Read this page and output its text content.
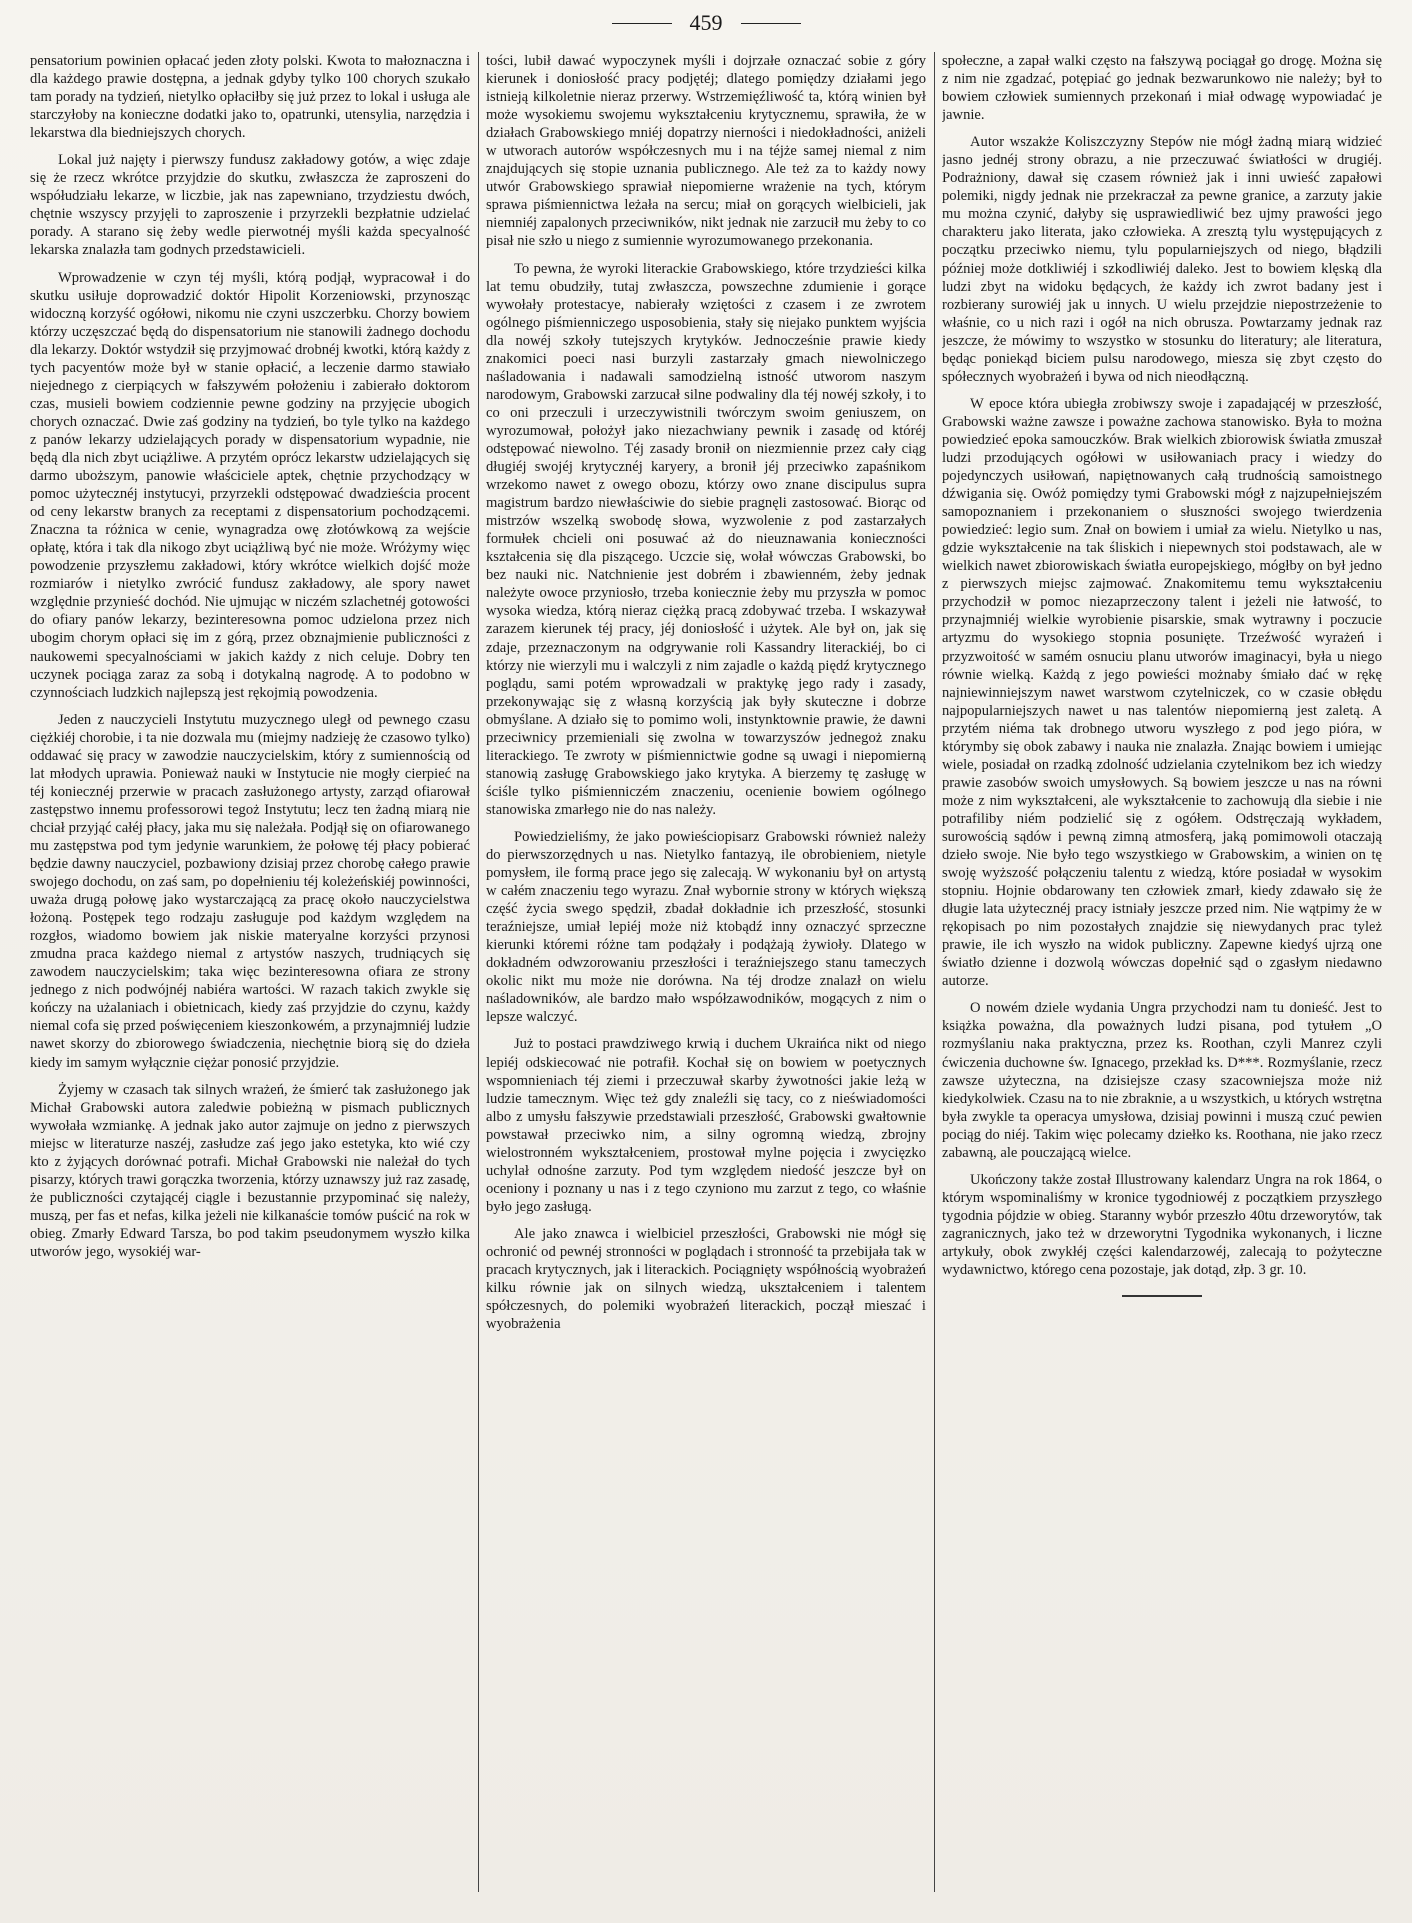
459

pensatorium powinien opłacać jeden złoty polski. Kwota to małoznaczna i dla każdego prawie dostępna, a jednak gdyby tylko 100 chorych szukało tam porady na tydzień, nietylko opłaciłby się już przez to lokal i usługa ale starczyłoby na konieczne dodatki jako to, opatrunki, utensylia, narzędzia i lekarstwa dla biedniejszych chorych.

Lokal już najęty i pierwszy fundusz zakładowy gotów, a więc zdaje się że rzecz wkrótce przyjdzie do skutku, zwłaszcza że zaproszeni do współudziału lekarze, w liczbie, jak nas zapewniano, trzydziestu dwóch, chętnie wszyscy przyjęli to zaproszenie i przyrzekli bezpłatnie udzielać porady. A starano się żeby wedle pierwotnéj myśli każda specyalność lekarska znalazła tam godnych przedstawicieli.

Wprowadzenie w czyn téj myśli, którą podjął, wypracował i do skutku usiłuje doprowadzić doktór Hipolit Korzeniowski, przynosząc widoczną korzyść ogółowi, nikomu nie czyni uszczerbku. Chorzy bowiem którzy uczęszczać będą do dispensatorium nie stanowili żadnego dochodu dla lekarzy. Doktór wstydził się przyjmować drobnéj kwotki, którą każdy z tych pacyentów może był w stanie opłacić, a leczenie darmo stawiało niejednego z cierpiących w fałszywém położeniu i zabierało doktorom czas, musieli bowiem codziennie pewne godziny na przyjęcie ubogich chorych oznaczać. Dwie zaś godziny na tydzień, bo tyle tylko na każdego z panów lekarzy udzielających porady w dispensatorium wypadnie, nie będą dla nich zbyt uciążliwe. A przytém oprócz lekarstw udzielających się darmo uboższym, panowie właściciele aptek, chętnie przychodzący w pomoc użytecznéj instytucyi, przyrzekli odstępować dwadzieścia procent od ceny lekarstw branych za receptami z dispensatorium pochodzącemi. Znaczna ta różnica w cenie, wynagradza owę złotówkową za wejście opłatę, która i tak dla nikogo zbyt uciążliwą być nie może. Wróżymy więc powodzenie przyszłemu zakładowi, który wkrótce wielkich dojść może rozmiarów i nietylko zwrócić fundusz zakładowy, ale spory nawet względnie przynieść dochód. Nie ujmując w niczém szlachetnéj gotowości do ofiary panów lekarzy, bezinteresowna pomoc udzielona przez nich ubogim chorym opłaci się im z górą, przez obznajmienie publiczności z naukowemi specyalnościami w jakich każdy z nich celuje. Dobry ten uczynek pociąga zaraz za sobą i dotykalną nagrodę. A to podobno w czynnościach ludzkich najlepszą jest rękojmią powodzenia.

Jeden z nauczycieli Instytutu muzycznego uległ od pewnego czasu ciężkiéj chorobie, i ta nie dozwala mu (miejmy nadzieję że czasowo tylko) oddawać się pracy w zawodzie nauczycielskim, który z sumiennością od lat młodych uprawia. Ponieważ nauki w Instytucie nie mogły cierpieć na téj koniecznéj przerwie w pracach zasłużonego artysty, zarząd ofiarował zastępstwo innemu professorowi tegoż Instytutu; lecz ten żadną miarą nie chciał przyjąć całéj płacy, jaka mu się należała. Podjął się on ofiarowanego mu zastępstwa pod tym jedynie warunkiem, że połowę téj płacy pobierać będzie dawny nauczyciel, pozbawiony dzisiaj przez chorobę całego prawie swojego dochodu, on zaś sam, po dopełnieniu téj koleżeńskiéj powinności, uważa drugą połowę jako wystarczającą za pracę około nauczycielstwa łożoną. Postępek tego rodzaju zasługuje pod każdym względem na rozgłos, wiadomo bowiem jak niskie materyalne korzyści przynosi zmudna praca każdego niemal z artystów naszych, trudniących się zawodem nauczycielskim; taka więc bezinteresowna ofiara ze strony jednego z nich podwójnéj nabiéra wartości. W razach takich zwykle się kończy na użalaniach i obietnicach, kiedy zaś przyjdzie do czynu, każdy niemal cofa się przed poświęceniem kieszonkowém, a przynajmniéj ludzie nawet skorzy do zbiorowego świadczenia, niechętnie biorą się do dzieła kiedy im samym wyłącznie ciężar ponosić przyjdzie.

Żyjemy w czasach tak silnych wrażeń, że śmierć tak zasłużonego jak Michał Grabowski autora zaledwie pobieżną w pismach publicznych wywołała wzmiankę. A jednak jako autor zajmuje on jedno z pierwszych miejsc w literaturze naszéj, zasłudze zaś jego jako estetyka, kto wié czy kto z żyjących dorównać potrafi. Michał Grabowski nie należał do tych pisarzy, których trawi gorączka tworzenia, którzy uznawszy już raz zasadę, że publiczności czytającéj ciągle i bezustannie przypominać się należy, muszą, per fas et nefas, kilka jeżeli nie kilkanaście tomów puścić na rok w obieg. Zmarły Edward Tarsza, bo pod takim pseudonymem wyszło kilka utworów jego, wysokiéj war-

tości, lubił dawać wypoczynek myśli i dojrzałe oznaczać sobie z góry kierunek i doniosłość pracy podjętéj; dlatego pomiędzy działami jego istnieją kilkoletnie nieraz przerwy. Wstrzemięźliwość ta, którą winien był może wysokiemu swojemu wykształceniu krytycznemu, sprawiła, że w działach Grabowskiego mniéj dopatrzy nierności i niedokładności, aniżeli w utworach autorów współczesnych mu i na téjże samej niemal z nim znajdujących się stopie uznania publicznego. Ale też za to każdy nowy utwór Grabowskiego sprawiał niepomierne wrażenie na tych, którym sprawa piśmiennictwa leżała na sercu; miał on gorących wielbicieli, jak niemniéj zapalonych przeciwników, nikt jednak nie zarzucił mu żeby to co pisał nie szło u niego z sumiennie wyrozumowanego przekonania.

To pewna, że wyroki literackie Grabowskiego, które trzydzieści kilka lat temu obudziły, tutaj zwłaszcza, powszechne zdumienie i gorące wywołały protestacye, nabierały wziętości z czasem i ze zwrotem ogólnego piśmienniczego usposobienia, stały się niejako punktem wyjścia dla nowéj szkoły tutejszych krytyków. Jednocześnie prawie kiedy znakomici poeci nasi burzyli zastarzały gmach niewolniczego naśladowania i nadawali samodzielną istność utworom naszym narodowym, Grabowski zarzucał silne podwaliny dla téj nowéj szkoły, i to co oni przeczuli i urzeczywistnili twórczym swoim geniuszem, on wyrozumował, położył jako niezachwiany pewnik i zasadę od któréj odstępować niewolno. Téj zasady bronił on niezmiennie przez cały ciąg długiéj swojéj krytycznéj karyery, a bronił jéj przeciwko zapaśnikom wrzekomo nawet z owego obozu, którzy owo znane discipulus supra magistrum bardzo niewłaściwie do siebie pragnęli zastosować. Biorąc od mistrzów wszelką swobodę słowa, wyzwolenie z pod zastarzałych formułek chcieli oni posuwać aż do nieuznawania konieczności kształcenia się dla piszącego. Uczcie się, wołał wówczas Grabowski, bo bez nauki nic. Natchnienie jest dobrém i zbawienném, żeby jednak należyte owoce przyniosło, trzeba koniecznie żeby mu przyszła w pomoc wysoka wiedza, którą nieraz ciężką pracą zdobywać trzeba. I wskazywał zarazem kierunek téj pracy, jéj doniosłość i użytek. Ale był on, jak się zdaje, przeznaczonym na odgrywanie roli Kassandry literackiéj, bo ci którzy nie wierzyli mu i walczyli z nim zajadle o każdą piędź krytycznego poglądu, sami potém wprowadzali w praktykę jego rady i zasady, przekonywając się z własną korzyścią jak były skuteczne i dobrze obmyślane. A działo się to pomimo woli, instynktownie prawie, że dawni przeciwnicy przemieniali się zwolna w towarzyszów jednegoż znaku literackiego. Te zwroty w piśmiennictwie godne są uwagi i niepomierną stanowią zasługę Grabowskiego jako krytyka. A bierzemy tę zasługę w ściśle tylko piśmienniczém znaczeniu, ocenienie bowiem ogólnego stanowiska zmarłego nie do nas należy.

Powiedzieliśmy, że jako powieściopisarz Grabowski również należy do pierwszorzędnych u nas. Nietylko fantazyą, ile obrobieniem, nietyle pomysłem, ile formą prace jego się zalecają. W wykonaniu był on artystą w całém znaczeniu tego wyrazu. Znał wybornie strony w których większą część życia swego spędził, zbadał dokładnie ich przeszłość, stosunki teraźniejsze, umiał lepiéj może niż ktobądź inny oznaczyć sprzeczne kierunki któremi różne tam podążały i podążają żywioły. Dlatego w dokładném odwzorowaniu przeszłości i teraźniejszego stanu tameczych okolic nikt mu może nie dorówna. Na téj drodze znalazł on wielu naśladowników, ale bardzo mało współzawodników, mogących z nim o lepsze walczyć.

Już to postaci prawdziwego krwią i duchem Ukraińca nikt od niego lepiéj odskiecować nie potrafił. Kochał się on bowiem w poetycznych wspomnieniach téj ziemi i przeczuwał skarby żywotności jakie leżą w ludzie tamecznym. Więc też gdy znaleźli się tacy, co z nieświadomości albo z umysłu fałszywie przedstawiali przeszłość, Grabowski gwałtownie powstawał przeciwko nim, a silny ogromną wiedzą, zbrojny wielostronném wykształceniem, prostował mylne pojęcia i zwycięzko uchylał odnośne zarzuty. Pod tym względem niedość jeszcze był on oceniony i poznany u nas i z tego czyniono mu zarzut z tego, co właśnie było jego zasługą.

Ale jako znawca i wielbiciel przeszłości, Grabowski nie mógł się ochronić od pewnéj stronności w poglądach i stronność ta przebijała tak w pracach krytycznych, jak i literackich. Pociągnięty współnością wyobrażeń kilku równie jak on silnych wiedzą, ukształceniem i talentem spółczesnych, do polemiki wyobrażeń literackich, począł mieszać i wyobrażenia

społeczne, a zapał walki często na fałszywą pociągał go drogę. Można się z nim nie zgadzać, potępiać go jednak bezwarunkowo nie należy; był to bowiem człowiek sumiennych przekonań i miał odwagę wypowiadać je jawnie.

Autor wszakże Koliszczyzny Stepów nie mógł żadną miarą widzieć jasno jednéj strony obrazu, a nie przeczuwać światłości w drugiéj. Podrażniony, dawał się czasem również jak i inni uwieść zapałowi polemiki, nigdy jednak nie przekraczał za pewne granice, a zarzuty jakie mu można czynić, dałyby się usprawiedliwić bez ujmy prawości jego charakteru jako literata, jako człowieka. A zresztą tylu występujących z początku przeciwko niemu, tylu popularniejszych od niego, błądzili później może dotkliwiéj i szkodliwiéj daleko. Jest to bowiem klęską dla ludzi zbyt na widoku będących, że każdy ich zwrot badany jest i rozbierany surowiéj jak u innych. U wielu przejdzie niepostrzeżenie to właśnie, co u nich razi i ogół na nich obrusza. Powtarzamy jednak raz jeszcze, że mówimy to wszystko w stosunku do literatury; ale literatura, będąc poniekąd biciem pulsu narodowego, miesza się zbyt często do spółecznych wyobrażeń i bywa od nich nieodłączną.

W epoce która ubiegła zrobiwszy swoje i zapadającéj w przeszłość, Grabowski ważne zawsze i poważne zachowa stanowisko. Była to można powiedzieć epoka samouczków. Brak wielkich zbiorowisk światła zmuszał ludzi przodujących ogółowi w usiłowaniach pracy i wiedzy do pojedynczych usiłowań, napiętnowanych całą trudnością samoistnego dźwigania się. Owóż pomiędzy tymi Grabowski mógł z najzupełniejszém samopoznaniem i przekonaniem o słuszności swojego twierdzenia powiedzieć: legio sum. Znał on bowiem i umiał za wielu. Nietylko u nas, gdzie wykształcenie na tak śliskich i niepewnych stoi podstawach, ale w wielkich nawet zbiorowiskach światła europejskiego, mógłby on był jedno z pierwszych miejsc zajmować. Znakomitemu temu wykształceniu przychodził w pomoc niezaprzeczony talent i jeżeli nie łatwość, to przynajmniéj wielkie wyrobienie pisarskie, smak wytrawny i poczucie artyzmu do wysokiego stopnia posunięte. Trzeźwość wyrażeń i przyzwoitość w samém osnuciu planu utworów imaginacyi, była u niego równie wielką. Każdą z jego powieści możnaby śmiało dać w rękę najniewinniejszym nawet warstwom czytelniczek, co w czasie obłędu najpopularniejszych nawet u nas talentów niepomierną jest zaletą. A przytém niéma tak drobnego utworu wyszłego z pod jego pióra, w którymby się obok zabawy i nauka nie znalazła. Znając bowiem i umiejąc wiele, posiadał on rzadką zdolność udzielania czytelnikom bez ich wiedzy prawie zasobów swoich umysłowych. Są bowiem jeszcze u nas na równi może z nim wykształceni, ale wykształcenie to zachowują dla siebie i nie potrafiliby niém podzielić się z ogółem. Odstręczają wykładem, surowością sądów i pewną zimną atmosferą, jaką pomimowoli otaczają dzieło swoje. Nie było tego wszystkiego w Grabowskim, a winien on tę swoję wyższość połączeniu talentu z wiedzą, które posiadał w wysokim stopniu. Hojnie obdarowany ten człowiek zmarł, kiedy zdawało się że długie lata użytecznéj pracy istniały jeszcze przed nim. Nie wątpimy że w rękopisach po nim pozostałych znajdzie się niewydanych prac tyleż prawie, ile ich wyszło na widok publiczny. Zapewne kiedyś ujrzą one światło dzienne i dozwolą wówczas dopełnić sąd o zgasłym niedawno autorze.

O nowém dziele wydania Ungra przychodzi nam tu donieść. Jest to książka poważna, dla poważnych ludzi pisana, pod tytułem „O rozmyślaniu naka praktyczna, przez ks. Roothan, czyli Manrez czyli ćwiczenia duchowne św. Ignacego, przekład ks. D***. Rozmyślanie, rzecz zawsze użyteczna, na dzisiejsze czasy szacowniejsza może niż kiedykolwiek. Czasu na to nie zbraknie, a u wszystkich, u których wstrętna była zwykle ta operacya umysłowa, dzisiaj powinni i muszą czuć pewien pociąg do niéj. Takim więc polecamy dziełko ks. Roothana, nie jako rzecz zabawną, ale pouczającą wielce.

Ukończony także został Illustrowany kalendarz Ungra na rok 1864, o którym wspominaliśmy w kronice tygodniowéj z początkiem przyszłego tygodnia pójdzie w obieg. Staranny wybór przeszło 40tu drzeworytów, tak zagranicznych, jako też w drzeworytni Tygodnika wykonanych, i liczne artykuły, obok zwykłéj części kalendarzowéj, zalecają to pożyteczne wydawnictwo, którego cena pozostaje, jak dotąd, złp. 3 gr. 10.
